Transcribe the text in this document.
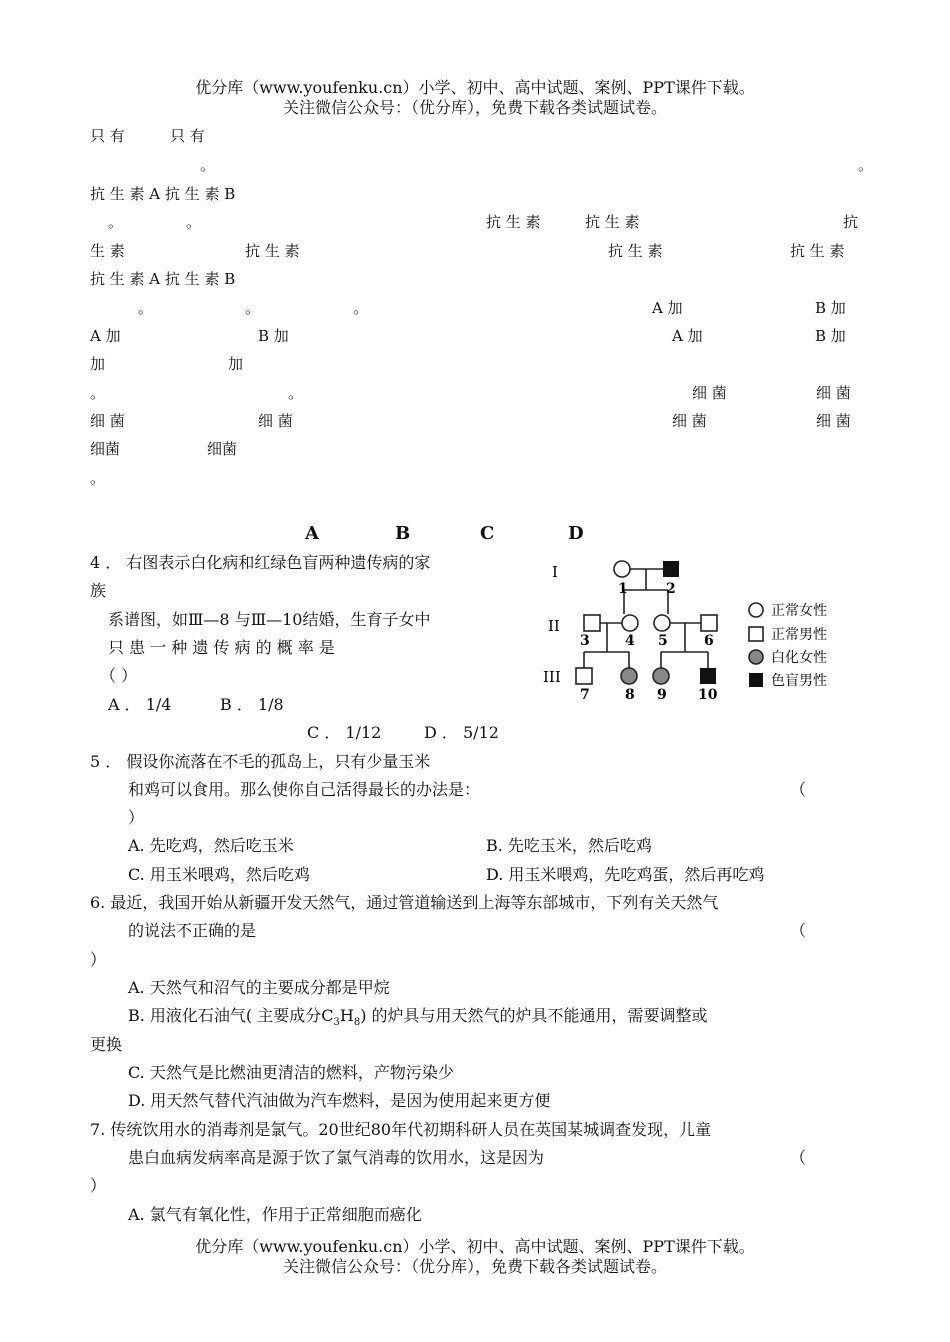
优分库（www.youfenku.cn）小学、初中、高中试题、案例、PPT课件下载。
关注微信公众号：（优分库），免费下载各类试题试卷。
只 有	只 有
。	。
抗 生 素 A 抗 生 素 B
。	。	抗 生 素	抗 生 素	抗
生 素	抗 生 素	抗 生 素	抗 生 素
抗 生 素 A 抗 生 素 B
。	。	。	A 加	B 加
A 加	B 加	A 加	B 加
加	加
。	。	细 菌	细 菌
细 菌	细 菌	细 菌	细 菌
细菌	细菌
。
A	B	C	D
4 ． 右图表示白化病和红绿色盲两种遗传病的家
族
系谱图，如Ⅲ—8 与Ⅲ—10结婚，生育子女中
只 患 一 种 遗 传 病 的 概 率 是
（ ）
A ． 1/4	B ． 1/8
C ． 1/12	D ． 5/12
I
II
III
1	2
3	4 5	6
7	8 9 10
正常女性
正常男性
白化女性
色盲男性
5 ． 假设你流落在不毛的孤岛上，只有少量玉米
和鸡可以食用。那么使你自己活得最长的办法是：	（
）
A. 先吃鸡，然后吃玉米	B. 先吃玉米，然后吃鸡
C. 用玉米喂鸡，然后吃鸡	D. 用玉米喂鸡，先吃鸡蛋，然后再吃鸡
6. 最近，我国开始从新疆开发天然气，通过管道输送到上海等东部城市，下列有关天然气
的说法不正确的是	（
）
A. 天然气和沼气的主要成分都是甲烷
B. 用液化石油气( 主要成分$C_3H_8$) 的炉具与用天然气的炉具不能通用，需要调整或
更换
C. 天然气是比燃油更清洁的燃料，产物污染少
D. 用天然气替代汽油做为汽车燃料，是因为使用起来更方便
7. 传统饮用水的消毒剂是氯气。20世纪80年代初期科研人员在英国某城调查发现，儿童
患白血病发病率高是源于饮了氯气消毒的饮用水，这是因为	（
）
A. 氯气有氧化性，作用于正常细胞而癌化
优分库（www.youfenku.cn）小学、初中、高中试题、案例、PPT课件下载。
关注微信公众号：（优分库），免费下载各类试题试卷。
